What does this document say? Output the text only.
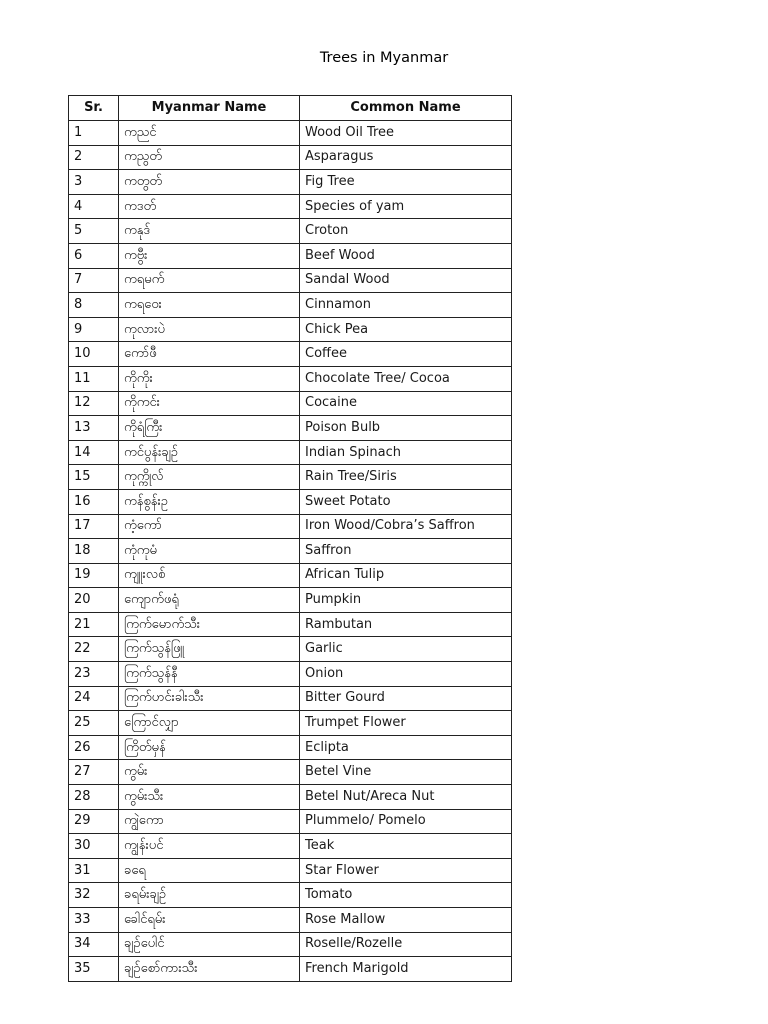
Trees in Myanmar
Sr.	Myanmar Name	Common Name
1	ကညင်	Wood Oil Tree
2	ကညွတ်	Asparagus
3	ကတွတ်	Fig Tree
4	ကဒတ်	Species of yam
5	ကနုဒ်	Croton
6	ကဗွီး	Beef Wood
7	ကရမက်	Sandal Wood
8	ကရဝေး	Cinnamon
9	ကုလားပဲ	Chick Pea
10	ကော်ဖီ	Coffee
11	ကိုကိုး	Chocolate Tree/ Cocoa
12	ကိုကင်း	Cocaine
13	ကိုရံကြီး	Poison Bulb
14	ကင်ပွန်းချဉ်	Indian Spinach
15	ကုက္ကိုလ်	Rain Tree/Siris
16	ကန်စွန်းဥ	Sweet Potato
17	ကံ့ကော်	Iron Wood/Cobra’s Saffron
18	ကုံကုမံ	Saffron
19	ကျူးလစ်	African Tulip
20	ကျောက်ဖရုံ	Pumpkin
21	ကြက်မောက်သီး	Rambutan
22	ကြက်သွန်ဖြူ	Garlic
23	ကြက်သွန်နီ	Onion
24	ကြက်ဟင်းခါးသီး	Bitter Gourd
25	ကြောင်လျှာ	Trumpet Flower
26	ကြိတ်မှန်	Eclipta
27	ကွမ်း	Betel Vine
28	ကွမ်းသီး	Betel Nut/Areca Nut
29	ကျွဲကော	Plummelo/ Pomelo
30	ကျွန်းပင်	Teak
31	ခရေ	Star Flower
32	ခရမ်းချဉ်	Tomato
33	ခေါင်ရမ်း	Rose Mallow
34	ချဉ်ပေါင်	Roselle/Rozelle
35	ချဉ်စော်ကားသီး	French Marigold
